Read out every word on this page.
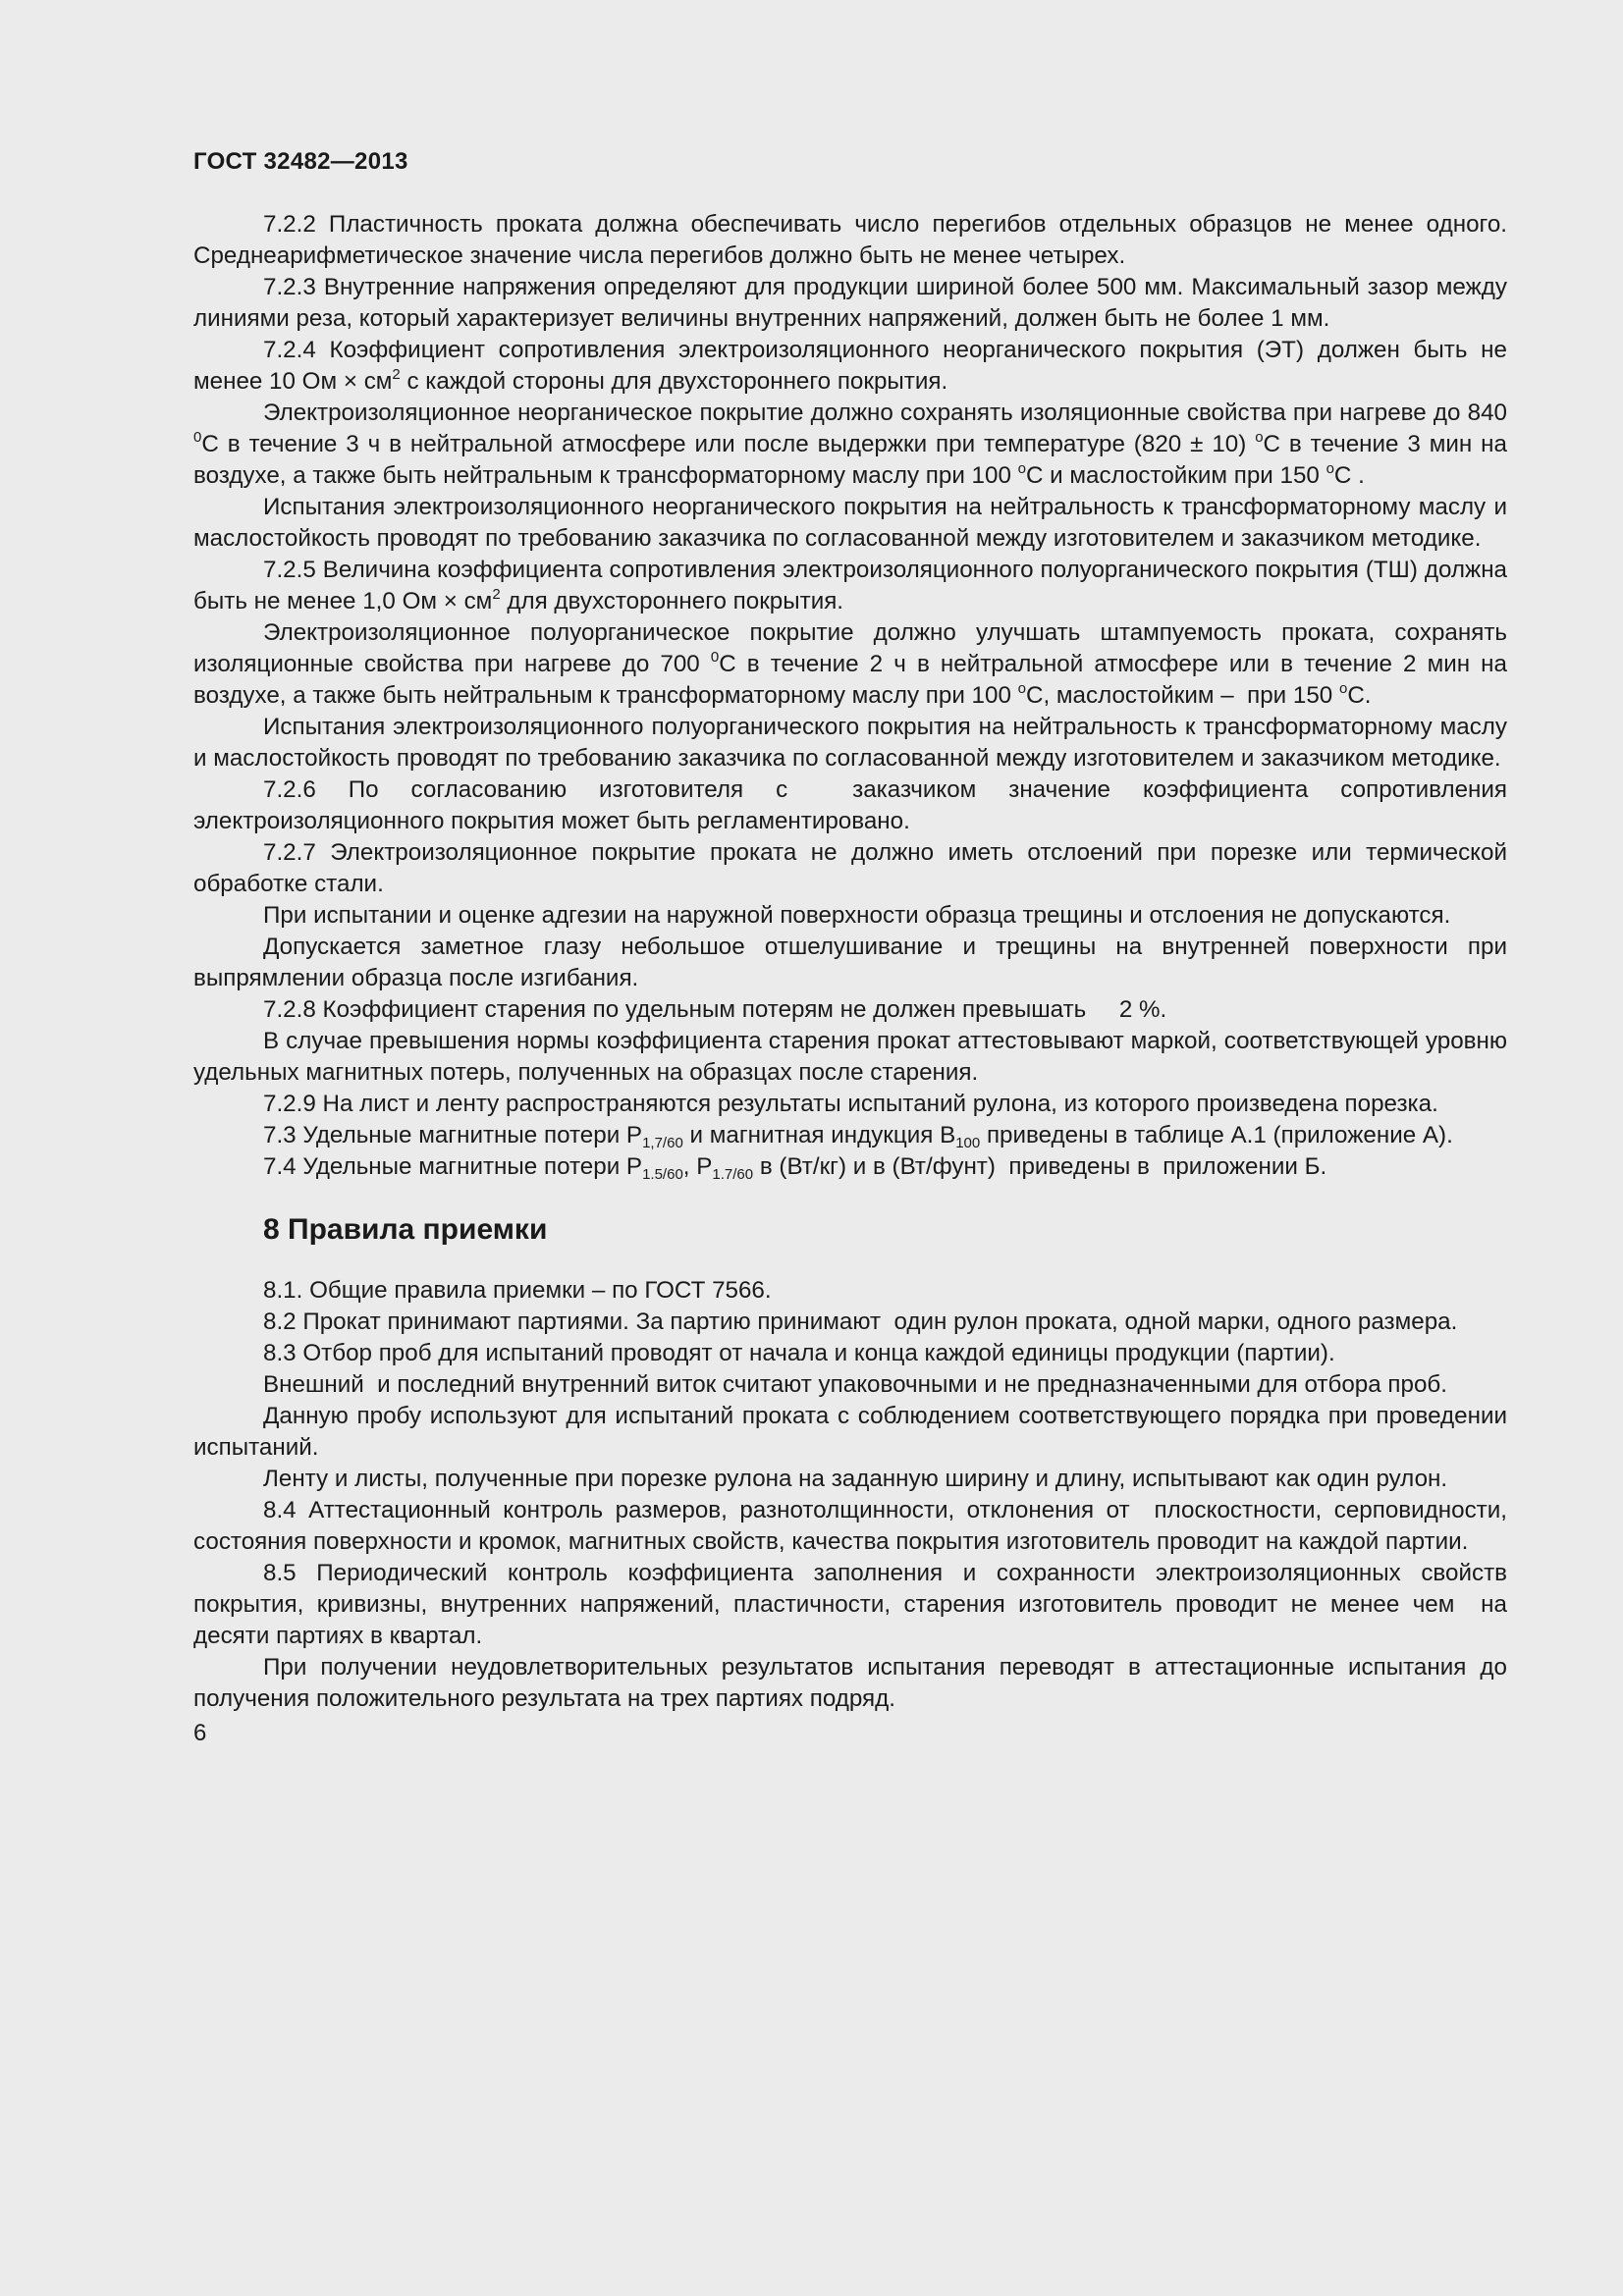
ГОСТ 32482—2013

7.2.2 Пластичность проката должна обеспечивать число перегибов отдельных образцов не менее одного. Среднеарифметическое значение числа перегибов должно быть не менее четырех.

7.2.3 Внутренние напряжения определяют для продукции шириной более 500 мм. Максимальный зазор между линиями реза, который характеризует величины внутренних напряжений, должен быть не более 1 мм.

7.2.4 Коэффициент сопротивления электроизоляционного неорганического покрытия (ЭТ) должен быть не менее 10 Ом × $см^2$ с каждой стороны для двухстороннего покрытия.

Электроизоляционное неорганическое покрытие должно сохранять изоляционные свойства при нагреве до 840 $^0$С в течение 3 ч в нейтральной атмосфере или после выдержки при температуре (820 ± 10) $^о$С в течение 3 мин на воздухе, а также быть нейтральным к трансформаторному маслу при 100 $^о$С и маслостойким при 150 $^о$С .

Испытания электроизоляционного неорганического покрытия на нейтральность к трансформаторному маслу и маслостойкость проводят по требованию заказчика по согласованной между изготовителем и заказчиком методике.

7.2.5 Величина коэффициента сопротивления электроизоляционного полуорганического покрытия (ТШ) должна быть не менее 1,0 Ом × $см^2$ для двухстороннего покрытия.

Электроизоляционное полуорганическое покрытие должно улучшать штампуемость проката, сохранять изоляционные свойства при нагреве до 700 $^0$С в течение 2 ч в нейтральной атмосфере или в течение 2 мин на воздухе, а также быть нейтральным к трансформаторному маслу при 100 $^о$С, маслостойким –  при 150 $^о$С.

Испытания электроизоляционного полуорганического покрытия на нейтральность к трансформаторному маслу и маслостойкость проводят по требованию заказчика по согласованной между изготовителем и заказчиком методике.

7.2.6 По согласованию изготовителя с  заказчиком значение коэффициента сопротивления электроизоляционного покрытия может быть регламентировано.

7.2.7 Электроизоляционное покрытие проката не должно иметь отслоений при порезке или термической обработке стали.

При испытании и оценке адгезии на наружной поверхности образца трещины и отслоения не допускаются.

Допускается заметное глазу небольшое отшелушивание и трещины на внутренней поверхности при выпрямлении образца после изгибания.

7.2.8 Коэффициент старения по удельным потерям не должен превышать     2 %.

В случае превышения нормы коэффициента старения прокат аттестовывают маркой, соответствующей уровню удельных магнитных потерь, полученных на образцах после старения.

7.2.9 На лист и ленту распространяются результаты испытаний рулона, из которого произведена порезка.

7.3 Удельные магнитные потери $Р_{1,7/60}$ и магнитная индукция $В_{100}$ приведены в таблице А.1 (приложение А).

7.4 Удельные магнитные потери $Р_{1.5/60}$, $Р_{1.7/60}$ в (Вт/кг) и в (Вт/фунт)  приведены в  приложении Б.

8 Правила приемки

8.1. Общие правила приемки – по ГОСТ 7566.

8.2 Прокат принимают партиями. За партию принимают  один рулон проката, одной марки, одного размера.

8.3 Отбор проб для испытаний проводят от начала и конца каждой единицы продукции (партии).

Внешний  и последний внутренний виток считают упаковочными и не предназначенными для отбора проб.

Данную пробу используют для испытаний проката с соблюдением соответствующего порядка при проведении испытаний.

Ленту и листы, полученные при порезке рулона на заданную ширину и длину, испытывают как один рулон.

8.4 Аттестационный контроль размеров, разнотолщинности, отклонения от  плоскостности, серповидности,   состояния поверхности и кромок, магнитных свойств, качества покрытия изготовитель проводит на каждой партии.

8.5 Периодический контроль коэффициента заполнения и сохранности электроизоляционных свойств покрытия, кривизны, внутренних напряжений, пластичности, старения изготовитель проводит не менее чем  на десяти партиях в квартал.

При получении неудовлетворительных результатов испытания переводят в аттестационные испытания до получения положительного результата на трех партиях подряд.

6
